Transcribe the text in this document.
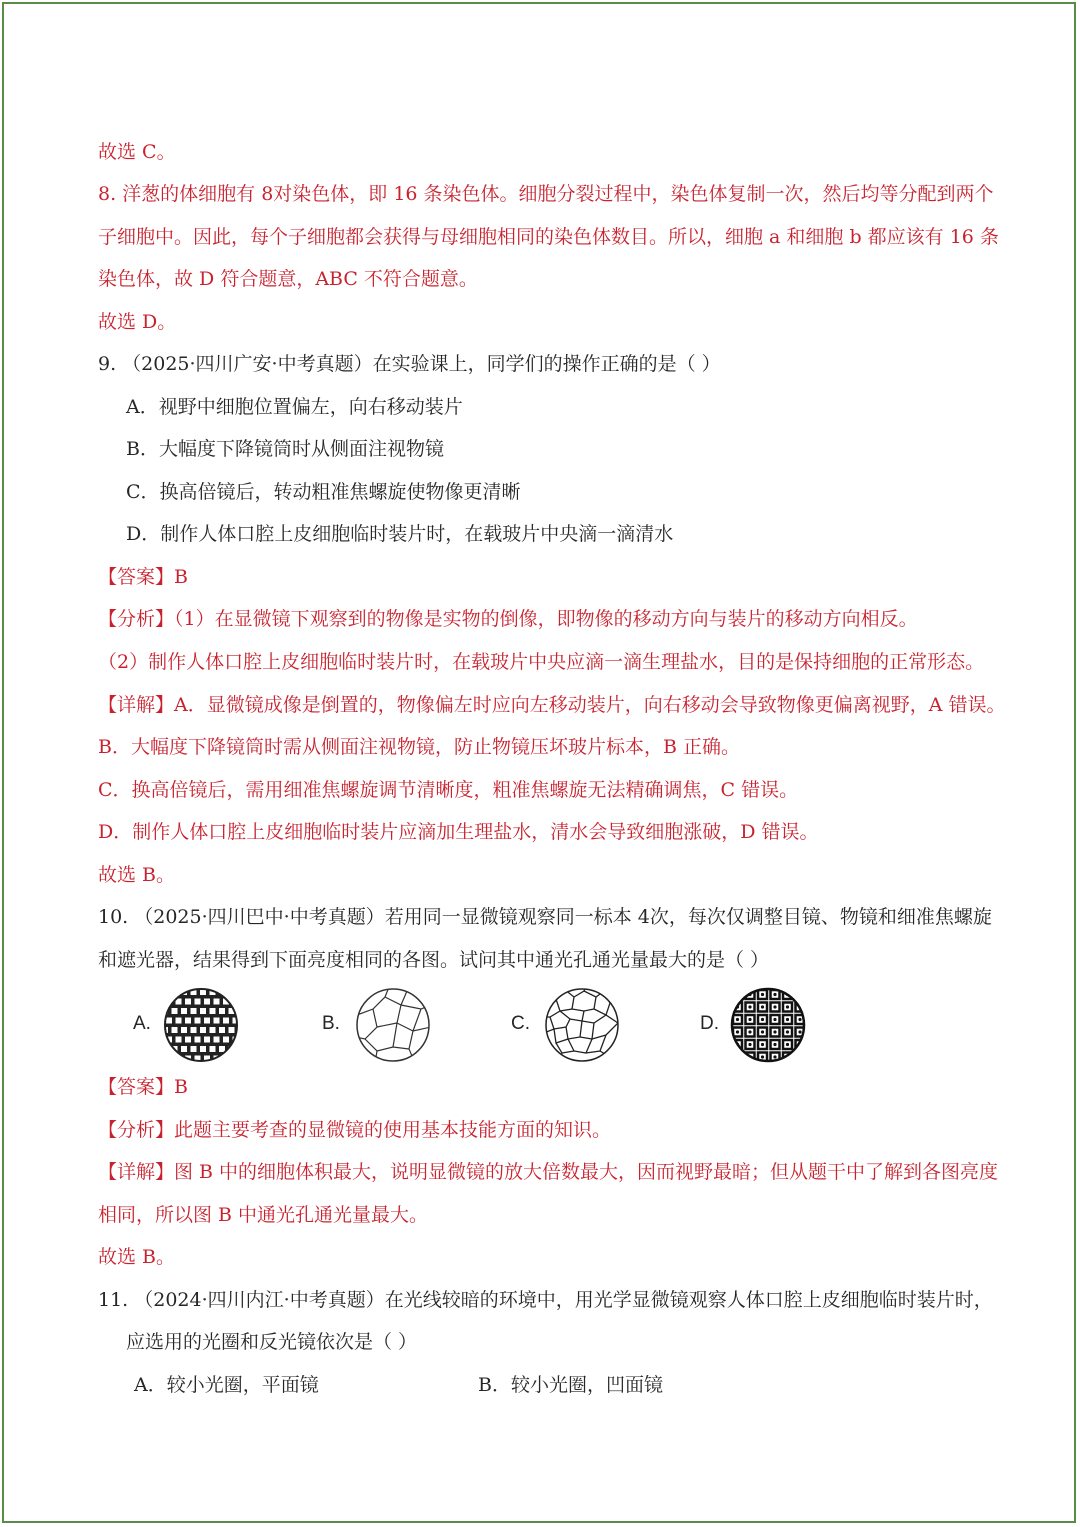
故选 C。
8. 洋葱的体细胞有 8对染色体，即 16 条染色体。细胞分裂过程中，染色体复制一次，然后均等分配到两个
子细胞中。因此，每个子细胞都会获得与母细胞相同的染色体数目。所以，细胞 a 和细胞 b 都应该有 16 条
染色体，故 D 符合题意，ABC 不符合题意。
故选 D。
9. （2025·四川广安·中考真题）在实验课上，同学们的操作正确的是（ ）
A．视野中细胞位置偏左，向右移动装片
B．大幅度下降镜筒时从侧面注视物镜
C．换高倍镜后，转动粗准焦螺旋使物像更清晰
D．制作人体口腔上皮细胞临时装片时，在载玻片中央滴一滴清水
【答案】B
【分析】（1）在显微镜下观察到的物像是实物的倒像，即物像的移动方向与装片的移动方向相反。
（2）制作人体口腔上皮细胞临时装片时，在载玻片中央应滴一滴生理盐水，目的是保持细胞的正常形态。
【详解】A．显微镜成像是倒置的，物像偏左时应向左移动装片，向右移动会导致物像更偏离视野，A 错误。
B．大幅度下降镜筒时需从侧面注视物镜，防止物镜压坏玻片标本，B 正确。
C．换高倍镜后，需用细准焦螺旋调节清晰度，粗准焦螺旋无法精确调焦，C 错误。
D．制作人体口腔上皮细胞临时装片应滴加生理盐水，清水会导致细胞涨破，D 错误。
故选 B。
10. （2025·四川巴中·中考真题）若用同一显微镜观察同一标本 4次，每次仅调整目镜、物镜和细准焦螺旋
和遮光器，结果得到下面亮度相同的各图。试问其中通光孔通光量最大的是（ ）
A.	B.	C.	D.
【答案】B
【分析】此题主要考查的显微镜的使用基本技能方面的知识。
【详解】图 B 中的细胞体积最大，说明显微镜的放大倍数最大，因而视野最暗；但从题干中了解到各图亮度
相同，所以图 B 中通光孔通光量最大。
故选 B。
11. （2024·四川内江·中考真题）在光线较暗的环境中，用光学显微镜观察人体口腔上皮细胞临时装片时，
应选用的光圈和反光镜依次是（ ）
A．较小光圈，平面镜	B．较小光圈，凹面镜
